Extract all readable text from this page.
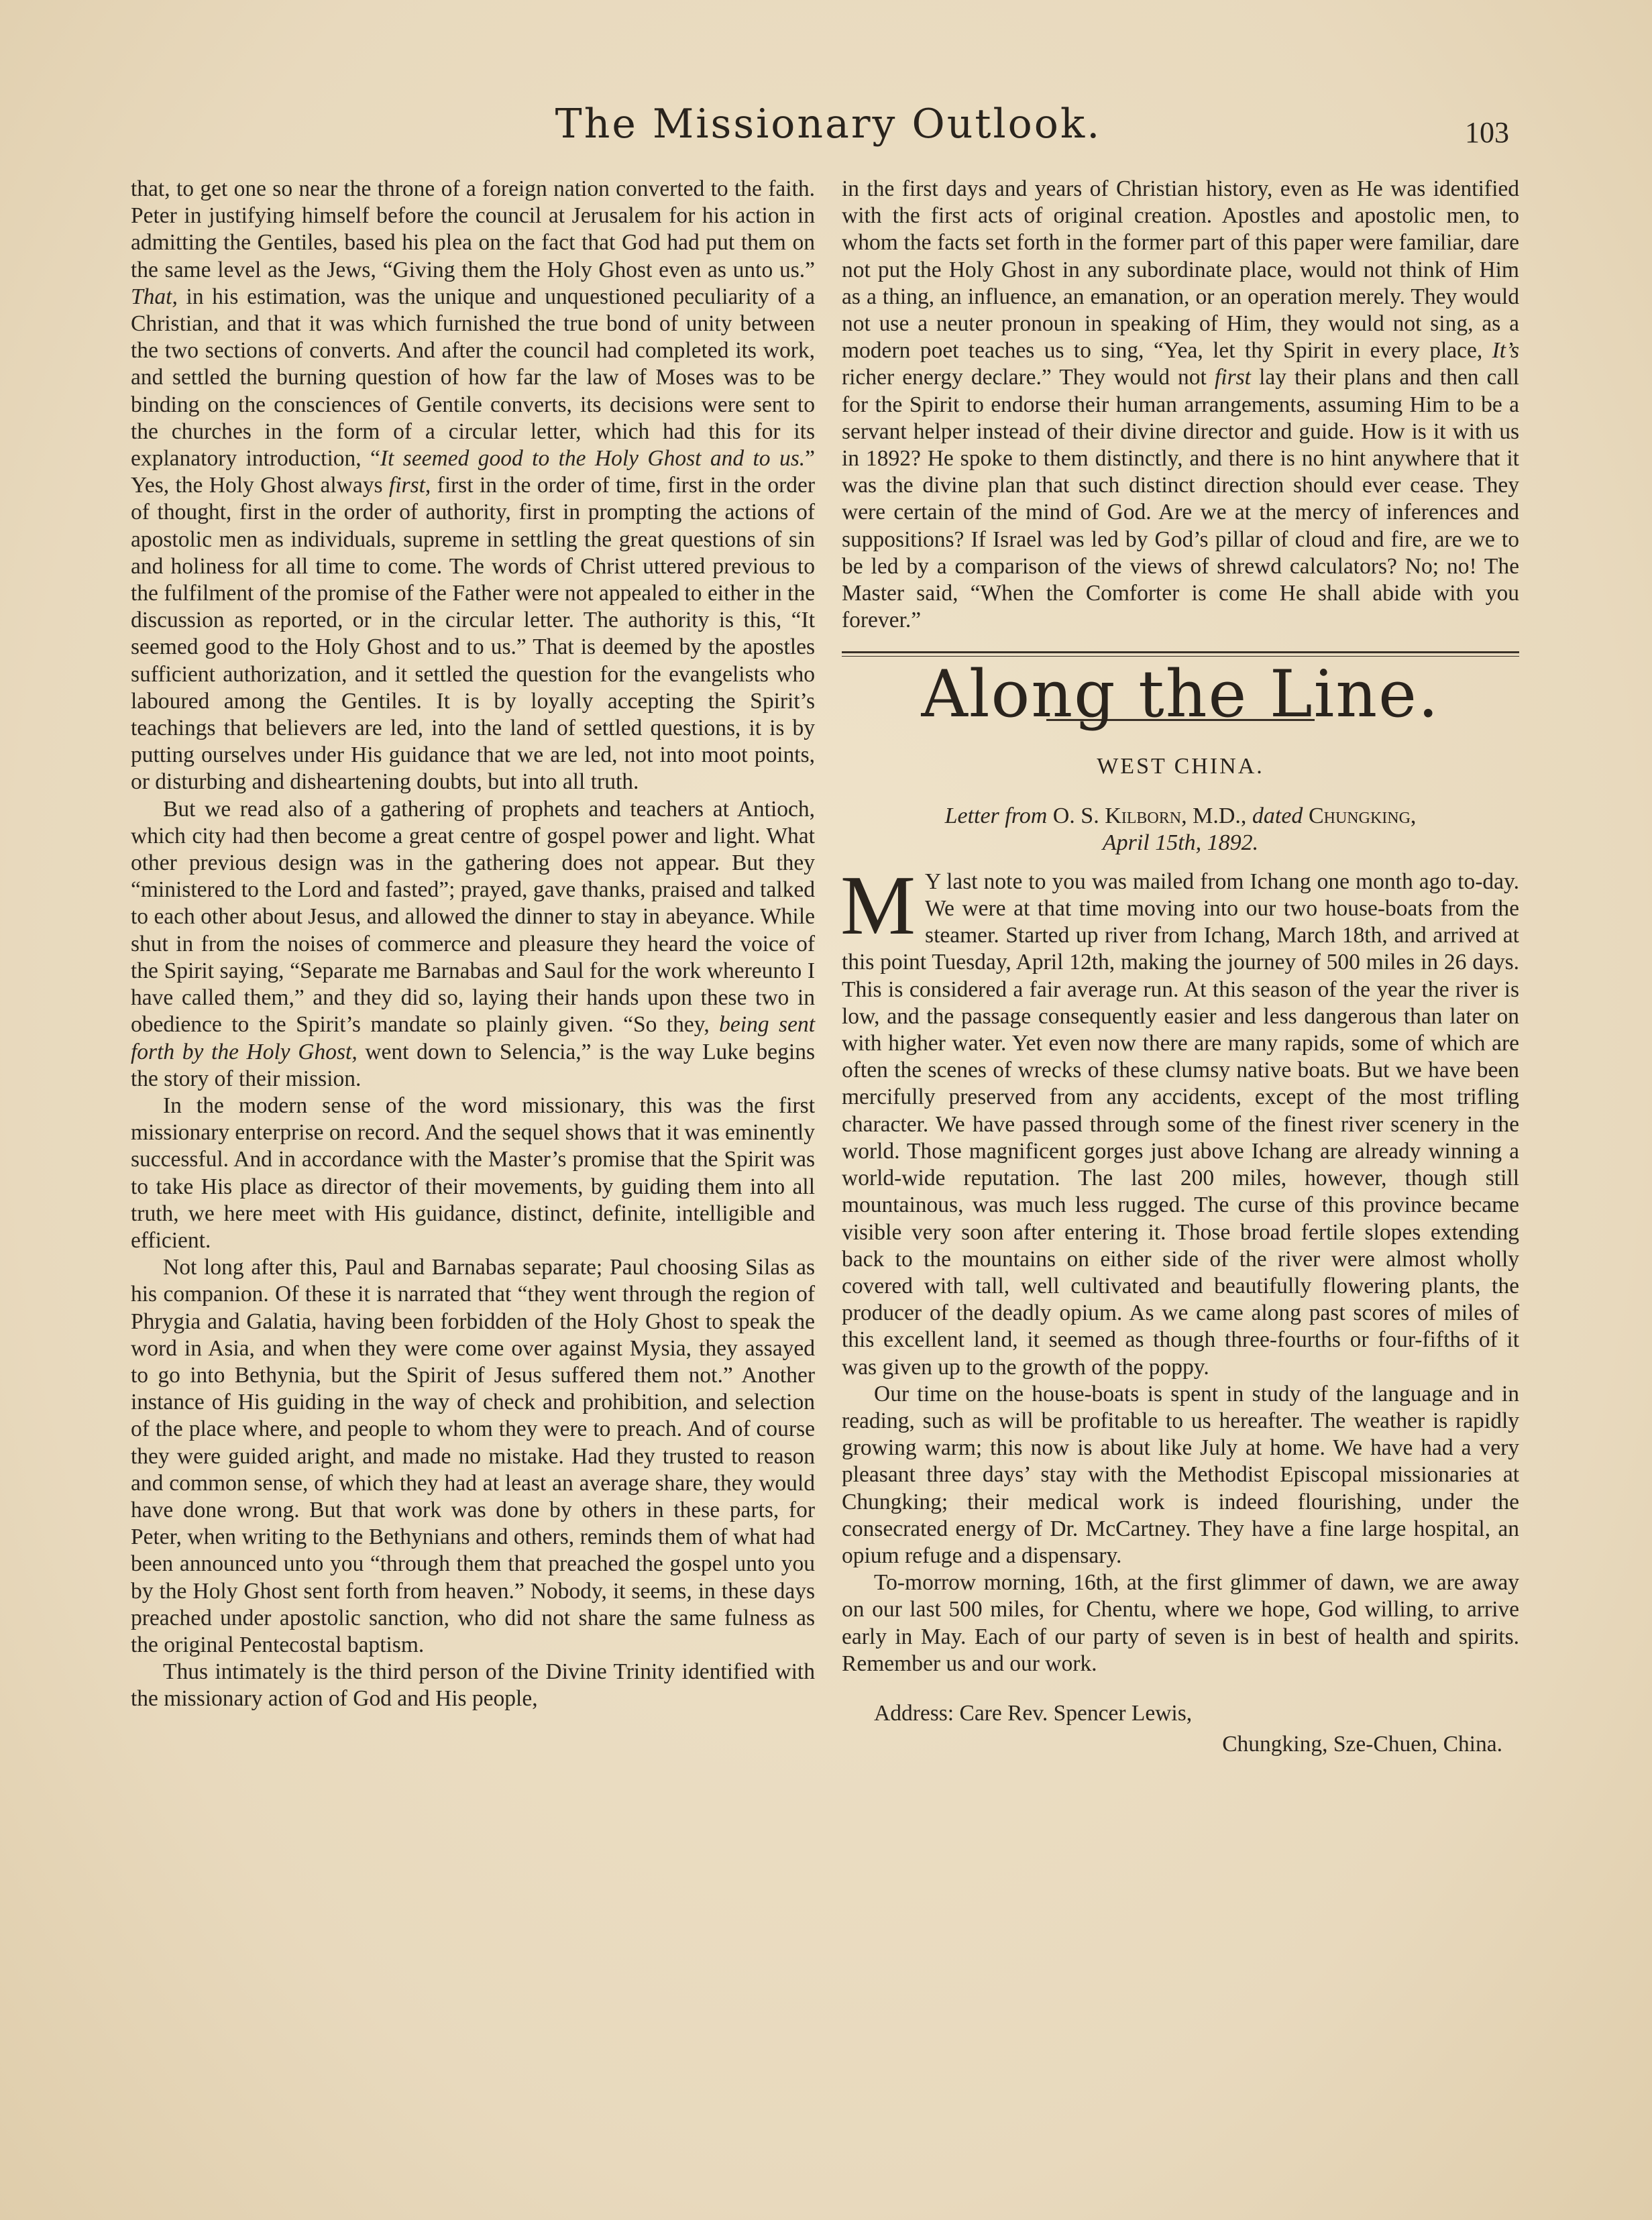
The Missionary Outlook.	103

that, to get one so near the throne of a foreign nation converted to the faith. Peter in justifying himself before the council at Jerusalem for his action in admitting the Gentiles, based his plea on the fact that God had put them on the same level as the Jews, “Giving them the Holy Ghost even as unto us.” That, in his estimation, was the unique and unquestioned peculiarity of a Christian, and that it was which furnished the true bond of unity between the two sections of converts. And after the council had completed its work, and settled the burning question of how far the law of Moses was to be binding on the consciences of Gentile converts, its decisions were sent to the churches in the form of a circular letter, which had this for its explanatory introduction, “It seemed good to the Holy Ghost and to us.” Yes, the Holy Ghost always first, first in the order of time, first in the order of thought, first in the order of authority, first in prompting the actions of apostolic men as individuals, supreme in settling the great questions of sin and holiness for all time to come. The words of Christ uttered previous to the fulfilment of the promise of the Father were not appealed to either in the discussion as reported, or in the circular letter. The authority is this, “It seemed good to the Holy Ghost and to us.” That is deemed by the apostles sufficient authorization, and it settled the question for the evangelists who laboured among the Gentiles. It is by loyally accepting the Spirit’s teachings that believers are led, into the land of settled questions, it is by putting ourselves under His guidance that we are led, not into moot points, or disturbing and disheartening doubts, but into all truth.

But we read also of a gathering of prophets and teachers at Antioch, which city had then become a great centre of gospel power and light. What other previous design was in the gathering does not appear. But they “ministered to the Lord and fasted”; prayed, gave thanks, praised and talked to each other about Jesus, and allowed the dinner to stay in abeyance. While shut in from the noises of commerce and pleasure they heard the voice of the Spirit saying, “Separate me Barnabas and Saul for the work whereunto I have called them,” and they did so, laying their hands upon these two in obedience to the Spirit’s mandate so plainly given. “So they, being sent forth by the Holy Ghost, went down to Selencia,” is the way Luke begins the story of their mission.

In the modern sense of the word missionary, this was the first missionary enterprise on record. And the sequel shows that it was eminently successful. And in accordance with the Master’s promise that the Spirit was to take His place as director of their movements, by guiding them into all truth, we here meet with His guidance, distinct, definite, intelligible and efficient.

Not long after this, Paul and Barnabas separate; Paul choosing Silas as his companion. Of these it is narrated that “they went through the region of Phrygia and Galatia, having been forbidden of the Holy Ghost to speak the word in Asia, and when they were come over against Mysia, they assayed to go into Bethynia, but the Spirit of Jesus suffered them not.” Another instance of His guiding in the way of check and prohibition, and selection of the place where, and people to whom they were to preach. And of course they were guided aright, and made no mistake. Had they trusted to reason and common sense, of which they had at least an average share, they would have done wrong. But that work was done by others in these parts, for Peter, when writing to the Bethynians and others, reminds them of what had been announced unto you “through them that preached the gospel unto you by the Holy Ghost sent forth from heaven.” Nobody, it seems, in these days preached under apostolic sanction, who did not share the same fulness as the original Pentecostal baptism.

Thus intimately is the third person of the Divine Trinity identified with the missionary action of God and His people,

in the first days and years of Christian history, even as He was identified with the first acts of original creation. Apostles and apostolic men, to whom the facts set forth in the former part of this paper were familiar, dare not put the Holy Ghost in any subordinate place, would not think of Him as a thing, an influence, an emanation, or an operation merely. They would not use a neuter pronoun in speaking of Him, they would not sing, as a modern poet teaches us to sing, “Yea, let thy Spirit in every place, It’s richer energy declare.” They would not first lay their plans and then call for the Spirit to endorse their human arrangements, assuming Him to be a servant helper instead of their divine director and guide. How is it with us in 1892? He spoke to them distinctly, and there is no hint anywhere that it was the divine plan that such distinct direction should ever cease. They were certain of the mind of God. Are we at the mercy of inferences and suppositions? If Israel was led by God’s pillar of cloud and fire, are we to be led by a comparison of the views of shrewd calculators? No; no! The Master said, “When the Comforter is come He shall abide with you forever.”

Along the Line.
WEST CHINA.
Letter from O. S. Kilborn, M.D., dated Chungking,
April 15th, 1892.

M Y last note to you was mailed from Ichang one month ago to-day. We were at that time moving into our two house-boats from the steamer. Started up river from Ichang, March 18th, and arrived at this point Tuesday, April 12th, making the journey of 500 miles in 26 days. This is considered a fair average run. At this season of the year the river is low, and the passage consequently easier and less dangerous than later on with higher water. Yet even now there are many rapids, some of which are often the scenes of wrecks of these clumsy native boats. But we have been mercifully preserved from any accidents, except of the most trifling character. We have passed through some of the finest river scenery in the world. Those magnificent gorges just above Ichang are already winning a world-wide reputation. The last 200 miles, however, though still mountainous, was much less rugged. The curse of this province became visible very soon after entering it. Those broad fertile slopes extending back to the mountains on either side of the river were almost wholly covered with tall, well cultivated and beautifully flowering plants, the producer of the deadly opium. As we came along past scores of miles of this excellent land, it seemed as though three-fourths or four-fifths of it was given up to the growth of the poppy.

Our time on the house-boats is spent in study of the language and in reading, such as will be profitable to us hereafter. The weather is rapidly growing warm; this now is about like July at home. We have had a very pleasant three days’ stay with the Methodist Episcopal missionaries at Chungking; their medical work is indeed flourishing, under the consecrated energy of Dr. McCartney. They have a fine large hospital, an opium refuge and a dispensary.

To-morrow morning, 16th, at the first glimmer of dawn, we are away on our last 500 miles, for Chentu, where we hope, God willing, to arrive early in May. Each of our party of seven is in best of health and spirits. Remember us and our work.

Address: Care Rev. Spencer Lewis,

Chungking, Sze-Chuen, China.
